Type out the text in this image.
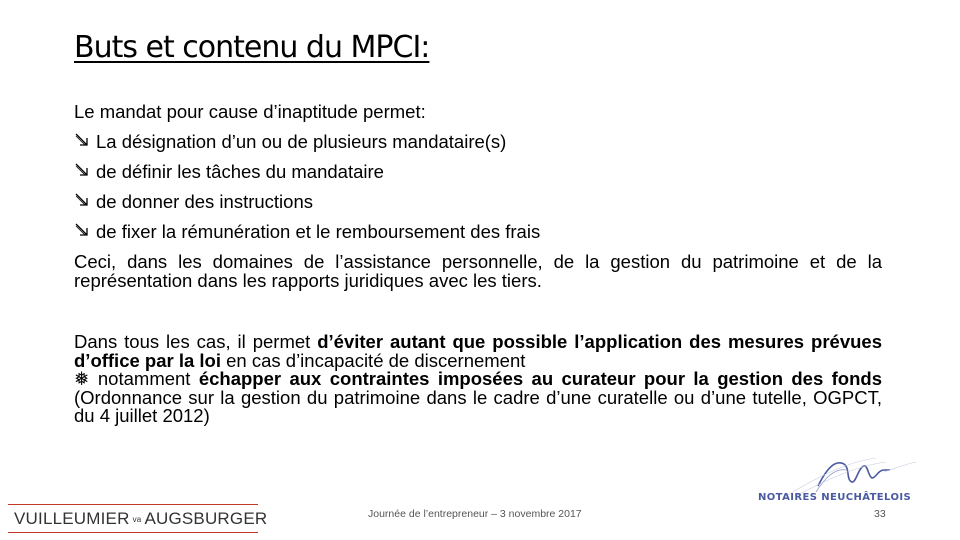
Buts et contenu du MPCI:
Le mandat pour cause d’inaptitude permet:
La désignation d’un ou de plusieurs mandataire(s)
de définir les tâches du mandataire
de donner des instructions
de fixer la rémunération et le remboursement des frais
Ceci, dans les domaines de l’assistance personnelle, de la gestion du patrimoine et de la représentation dans les rapports juridiques avec les tiers.

Dans tous les cas, il permet d’éviter autant que possible l’application des mesures prévues d’office par la loi en cas d’incapacité de discernement

❅ notamment échapper aux contraintes imposées au curateur pour la gestion des fonds (Ordonnance sur la gestion du patrimoine dans le cadre d’une curatelle ou d’une tutelle, OGPCT, du 4 juillet 2012)

VUILLEUMIER va AUGSBURGER	Journée de l’entrepreneur – 3 novembre 2017
NOTAIRES NEUCHÂTELOIS
33
